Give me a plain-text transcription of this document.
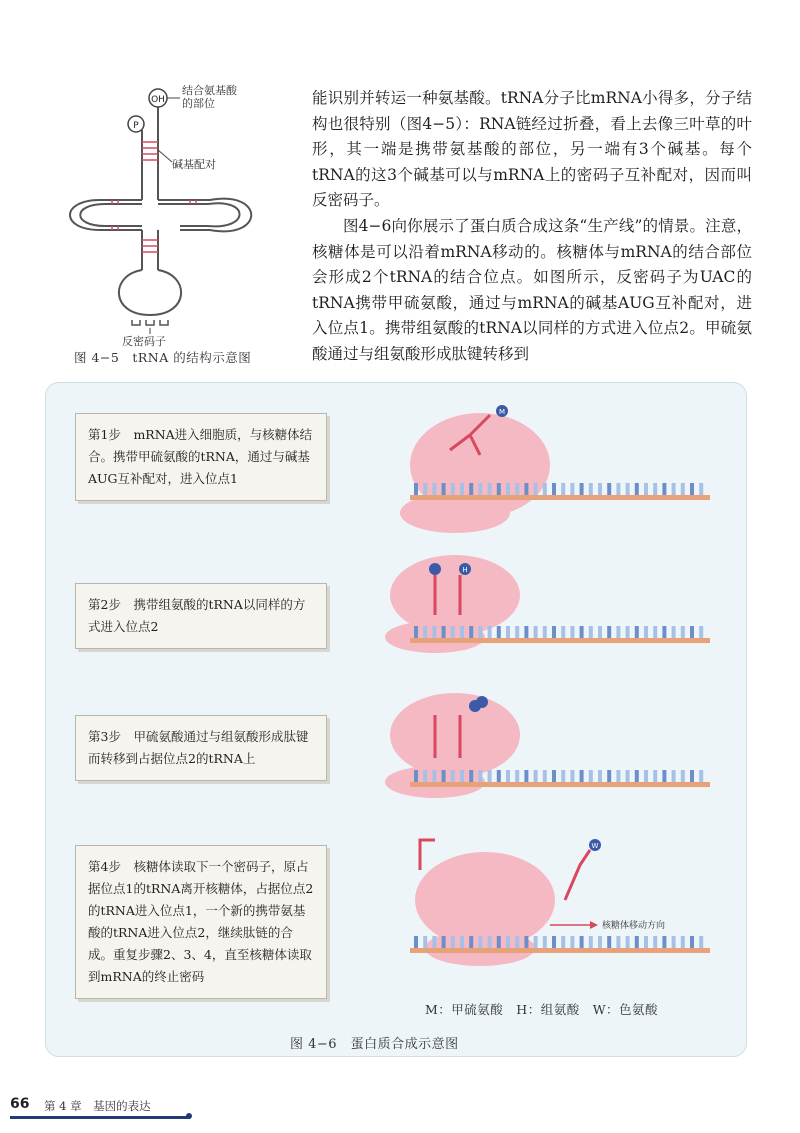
OH
P
结合氨基酸
的部位
碱基配对
反密码子
图 4−5　tRNA 的结构示意图

能识别并转运一种氨基酸。tRNA分子比mRNA小得多，分子结构也很特别（图4−5）：RNA链经过折叠，看上去像三叶草的叶形，其一端是携带氨基酸的部位，另一端有3个碱基。每个tRNA的这3个碱基可以与mRNA上的密码子互补配对，因而叫反密码子。

图4−6向你展示了蛋白质合成这条“生产线”的情景。注意，核糖体是可以沿着mRNA移动的。核糖体与mRNA的结合部位会形成2个tRNA的结合位点。如图所示，反密码子为UAC的tRNA携带甲硫氨酸，通过与mRNA的碱基AUG互补配对，进入位点1。携带组氨酸的tRNA以同样的方式进入位点2。甲硫氨酸通过与组氨酸形成肽键转移到

第1步　mRNA进入细胞质，与核糖体结合。携带甲硫氨酸的tRNA，通过与碱基AUG互补配对，进入位点1
第2步　携带组氨酸的tRNA以同样的方式进入位点2
第3步　甲硫氨酸通过与组氨酸形成肽键而转移到占据位点2的tRNA上
第4步　核糖体读取下一个密码子，原占据位点1的tRNA离开核糖体，占据位点2的tRNA进入位点1，一个新的携带氨基酸的tRNA进入位点2，继续肽链的合成。重复步骤2、3、4，直至核糖体读取到mRNA的终止密码
M
H
W
核糖体移动方向
M：甲硫氨酸　H：组氨酸　W：色氨酸
图 4−6　蛋白质合成示意图
66 第 4 章　基因的表达
